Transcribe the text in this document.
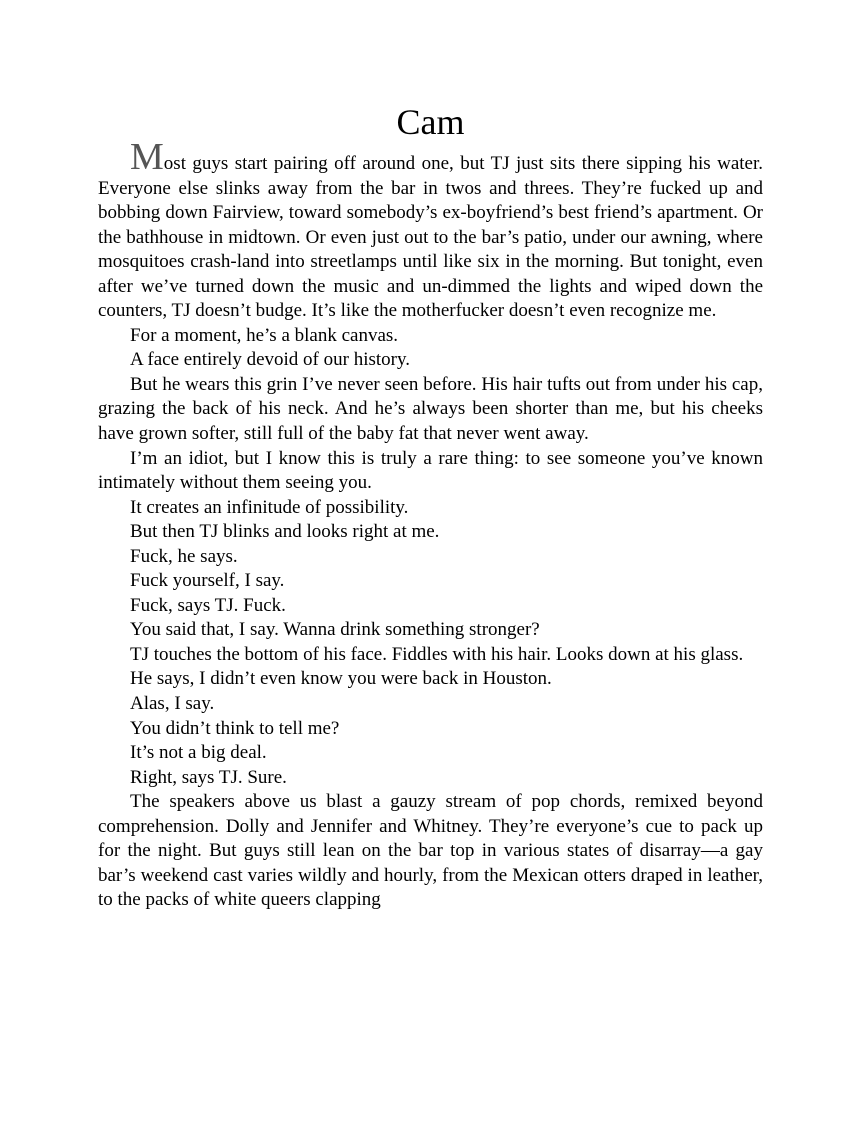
Cam

Most guys start pairing off around one, but TJ just sits there sipping his water. Everyone else slinks away from the bar in twos and threes. They’re fucked up and bobbing down Fairview, toward somebody’s ex-boyfriend’s best friend’s apartment. Or the bathhouse in midtown. Or even just out to the bar’s patio, under our awning, where mosquitoes crash-land into streetlamps until like six in the morning. But tonight, even after we’ve turned down the music and un-dimmed the lights and wiped down the counters, TJ doesn’t budge. It’s like the motherfucker doesn’t even recognize me.

For a moment, he’s a blank canvas.

A face entirely devoid of our history.

But he wears this grin I’ve never seen before. His hair tufts out from under his cap, grazing the back of his neck. And he’s always been shorter than me, but his cheeks have grown softer, still full of the baby fat that never went away.

I’m an idiot, but I know this is truly a rare thing: to see someone you’ve known intimately without them seeing you.

It creates an infinitude of possibility.

But then TJ blinks and looks right at me.

Fuck, he says.

Fuck yourself, I say.

Fuck, says TJ. Fuck.

You said that, I say. Wanna drink something stronger?

TJ touches the bottom of his face. Fiddles with his hair. Looks down at his glass.

He says, I didn’t even know you were back in Houston.

Alas, I say.

You didn’t think to tell me?

It’s not a big deal.

Right, says TJ. Sure.

The speakers above us blast a gauzy stream of pop chords, remixed beyond comprehension. Dolly and Jennifer and Whitney. They’re everyone’s cue to pack up for the night. But guys still lean on the bar top in various states of disarray—a gay bar’s weekend cast varies wildly and hourly, from the Mexican otters draped in leather, to the packs of white queers clapping
